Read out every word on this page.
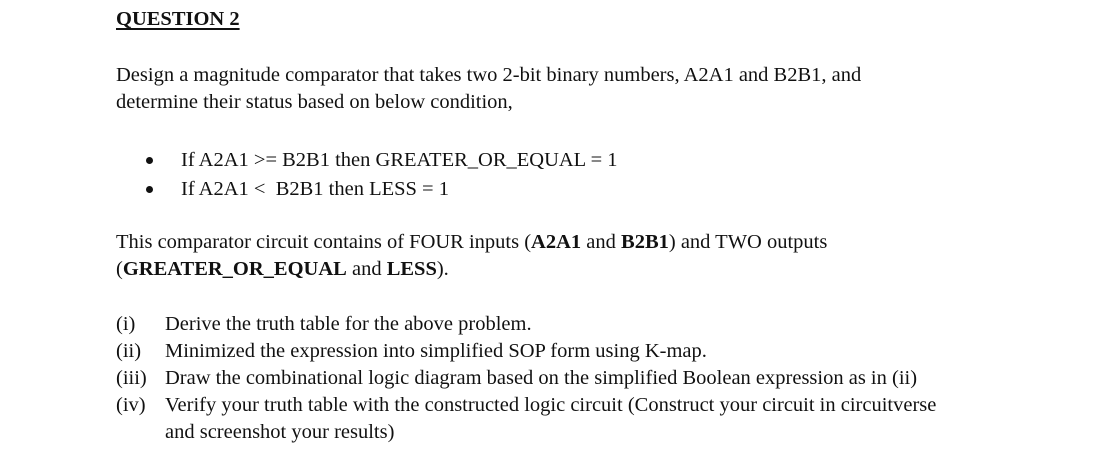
QUESTION 2

Design a magnitude comparator that takes two 2-bit binary numbers, A2A1 and B2B1, and
determine their status based on below condition,

If A2A1 >= B2B1 then GREATER_OR_EQUAL = 1
If A2A1 <  B2B1 then LESS = 1

This comparator circuit contains of FOUR inputs (A2A1 and B2B1) and TWO outputs
(GREATER_OR_EQUAL and LESS).

(i)	Derive the truth table for the above problem.
(ii)	Minimized the expression into simplified SOP form using K-map.
(iii) Draw the combinational logic diagram based on the simplified Boolean expression as in (ii)
(iv) Verify your truth table with the constructed logic circuit (Construct your circuit in circuitverse
and screenshot your results)
